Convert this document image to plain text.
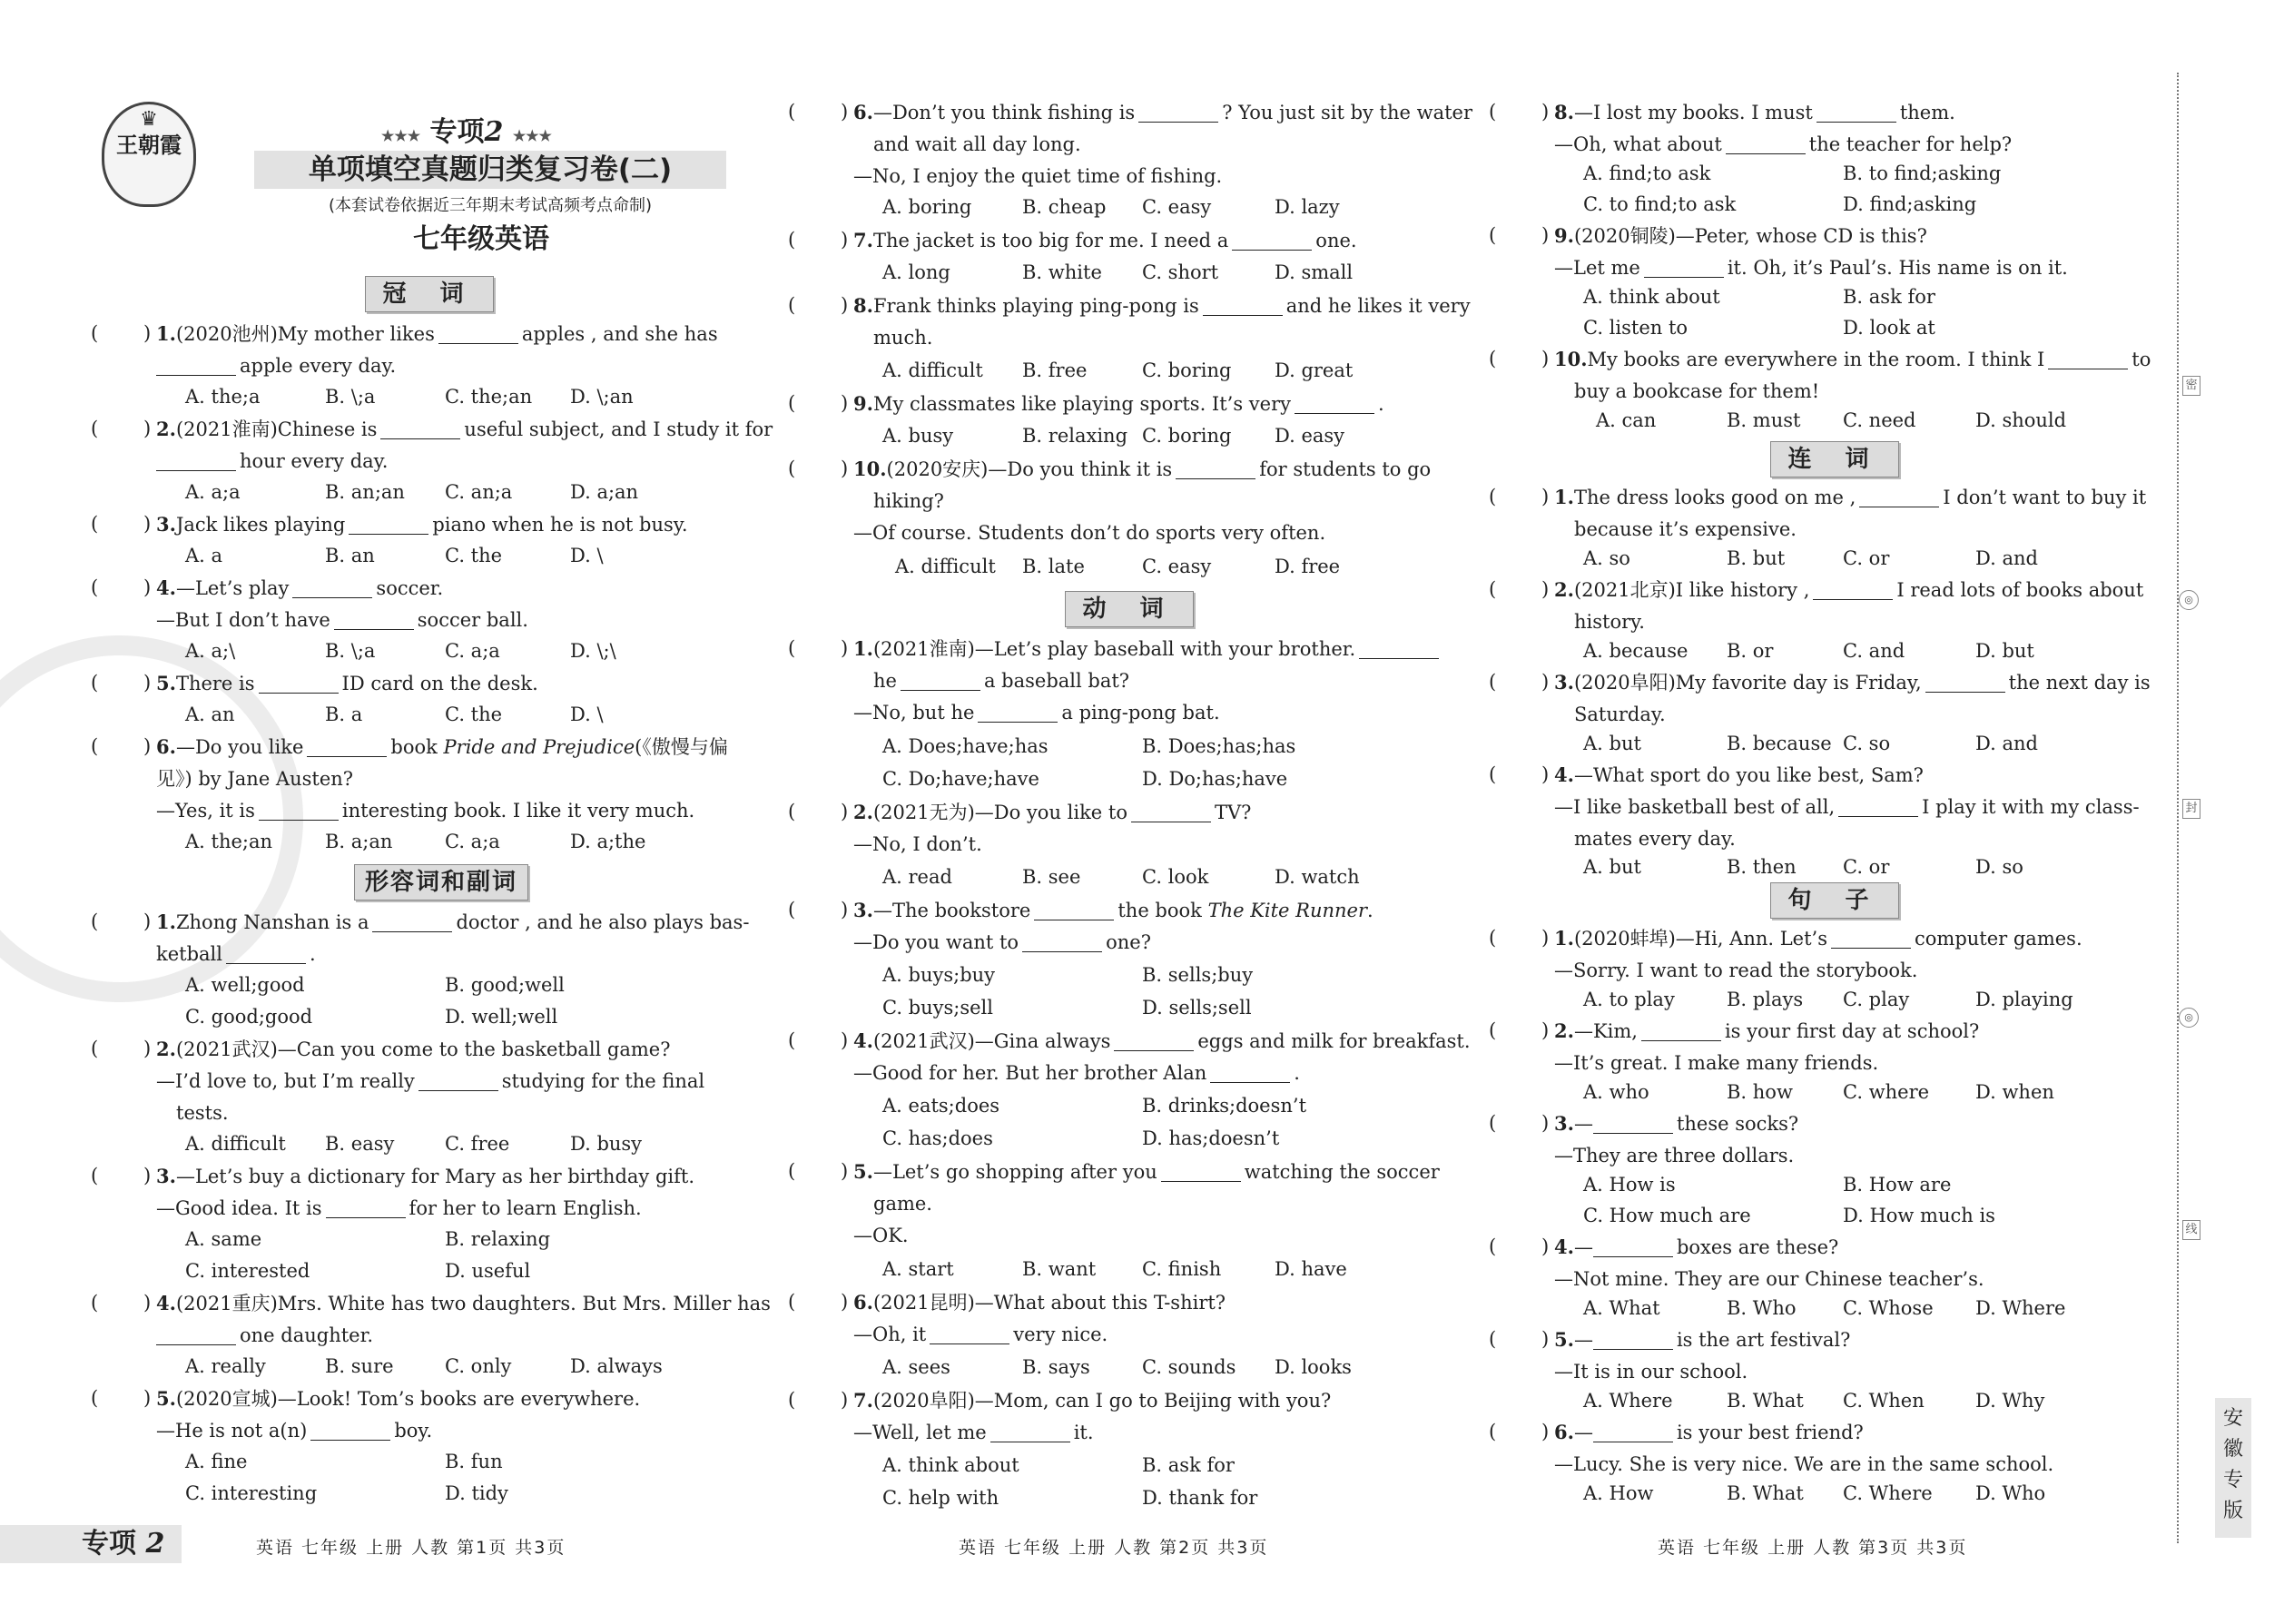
♛
王朝霞	★★★ 专项2 ★★★
单项填空真题归类复习卷(二)
(本套试卷依据近三年期末考试高频考点命制)
七年级英语
冠 词
(	) 1.(2020池州)My mother likes	apples , and she has
apple every day.
A. the;a	B. \;a	C. the;an D. \;an
(	) 2.(2021淮南)Chinese is	useful subject, and I study it for
hour every day.
A. a;a	B. an;an C. an;a	D. a;an
(	) 3.Jack likes playing	piano when he is not busy.
A. a	B. an	C. the	D. \
(	) 4.—Let’s play	soccer.
—But I don’t have	soccer ball.
A. a;\	B. \;a	C. a;a	D. \;\
(	) 5.There is	ID card on the desk.
A. an	B. a	C. the	D. \
(	) 6.—Do you like	book Pride and Prejudice(《傲慢与偏
见》) by Jane Austen?
—Yes, it is	interesting book. I like it very much.
A. the;an	B. a;an	C. a;a	D. a;the
形容词和副词
(	) 1.Zhong Nanshan is a	doctor , and he also plays bas-
ketball	.
A. well;good	B. good;well
C. good;good	D. well;well
(	) 2.(2021武汉)—Can you come to the basketball game?
—I’d love to, but I’m really	studying for the final
tests.
A. difficult B. easy	C. free	D. busy
(	) 3.—Let’s buy a dictionary for Mary as her birthday gift.
—Good idea. It is	for her to learn English.
A. same	B. relaxing
C. interested	D. useful
(	) 4.(2021重庆)Mrs. White has two daughters. But Mrs. Miller has
one daughter.
A. really	B. sure	C. only	D. always
(	) 5.(2020宣城)—Look! Tom’s books are everywhere.
—He is not a(n)	boy.
A. fine	B. fun
C. interesting	D. tidy
(	) 6.—Don’t you think fishing is	? You just sit by the water
and wait all day long.
—No, I enjoy the quiet time of fishing.
A. boring	B. cheap C. easy	D. lazy
(	) 7.The jacket is too big for me. I need a	one.
A. long	B. white C. short	D. small
(	) 8.Frank thinks playing ping-pong is	and he likes it very
much.
A. difficult B. free	C. boring D. great
(	) 9.My classmates like playing sports. It’s very	.
A. busy	B. relaxing C. boring D. easy
(	) 10.(2020安庆)—Do you think it is	for students to go
hiking?
—Of course. Students don’t do sports very often.
A. difficult B. late	C. easy	D. free
动 词
(	) 1.(2021淮南)—Let’s play baseball with your brother.
he	a baseball bat?
—No, but he	a ping-pong bat.
A. Does;have;has	B. Does;has;has
C. Do;have;have	D. Do;has;have
(	) 2.(2021无为)—Do you like to	TV?
—No, I don’t.
A. read	B. see	C. look	D. watch
(	) 3.—The bookstore	the book The Kite Runner.
—Do you want to	one?
A. buys;buy	B. sells;buy
C. buys;sell	D. sells;sell
(	) 4.(2021武汉)—Gina always	eggs and milk for breakfast.
—Good for her. But her brother Alan	.
A. eats;does	B. drinks;doesn’t
C. has;does	D. has;doesn’t
(	) 5.—Let’s go shopping after you	watching the soccer
game.
—OK.
A. start	B. want C. finish	D. have
(	) 6.(2021昆明)—What about this T-shirt?
—Oh, it	very nice.
A. sees	B. says	C. sounds D. looks
(	) 7.(2020阜阳)—Mom, can I go to Beijing with you?
—Well, let me	it.
A. think about	B. ask for
C. help with	D. thank for
(	) 8.—I lost my books. I must	them.
—Oh, what about	the teacher for help?
A. find;to ask	B. to find;asking
C. to find;to ask	D. find;asking
(	) 9.(2020铜陵)—Peter, whose CD is this?
—Let me	it. Oh, it’s Paul’s. His name is on it.
A. think about	B. ask for
C. listen to	D. look at
(	) 10.My books are everywhere in the room. I think I	to
buy a bookcase for them!
A. can	B. must C. need	D. should
连 词
(	) 1.The dress looks good on me ,	I don’t want to buy it
because it’s expensive.
A. so	B. but	C. or	D. and
(	) 2.(2021北京)I like history ,	I read lots of books about
history.
A. because B. or	C. and	D. but
(	) 3.(2020阜阳)My favorite day is Friday,	the next day is
Saturday.
A. but	B. because C. so	D. and
(	) 4.—What sport do you like best, Sam?
—I like basketball best of all,	I play it with my class-
mates every day.
A. but	B. then C. or	D. so
句 子
(	) 1.(2020蚌埠)—Hi, Ann. Let’s	computer games.
—Sorry. I want to read the storybook.
A. to play	B. plays C. play	D. playing
(	) 2.—Kim,	is your first day at school?
—It’s great. I make many friends.
A. who	B. how	C. where D. when
(	) 3.—	these socks?
—They are three dollars.
A. How is	B. How are
C. How much are	D. How much is
(	) 4.—	boxes are these?
—Not mine. They are our Chinese teacher’s.
A. What	B. Who C. Whose D. Where
(	) 5.—	is the art festival?
—It is in our school.
A. Where	B. What C. When	D. Why
(	) 6.—	is your best friend?
—Lucy. She is very nice. We are in the same school.
A. How	B. What C. Where D. Who
专项 2	英语 七年级 上册 人教 第1页 共3页	英语 七年级 上册 人教 第2页 共3页	英语 七年级 上册 人教 第3页 共3页
密
◎
封
◎
线
安
徽
专
版
